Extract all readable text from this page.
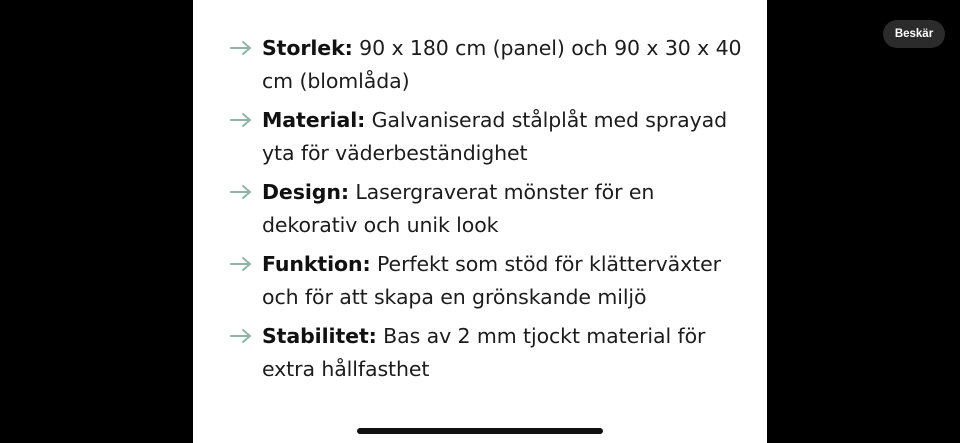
Storlek: 90 x 180 cm (panel) och 90 x 30 x 40 cm (blomlåda)
Material: Galvaniserad stålplåt med sprayad yta för väderbeständighet
Design: Lasergraverat mönster för en dekorativ och unik look
Funktion: Perfekt som stöd för klätterväxter och för att skapa en grönskande miljö
Stabilitet: Bas av 2 mm tjockt material för extra hållfasthet
Beskär
